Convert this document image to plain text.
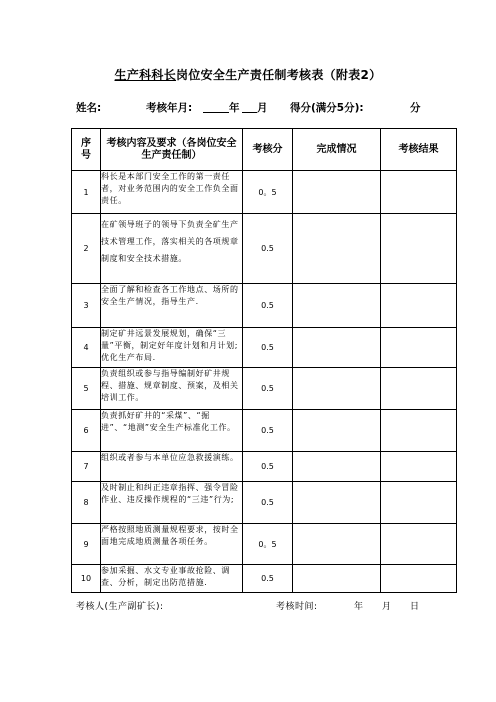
生产科科长岗位安全生产责任制考核表（附表2）
姓名:	考核年月:	年 月 得分(满分5分):	分
序号	考核内容及要求（各岗位安全生产责任制）	考核分	完成情况	考核结果
1	科长是本部门安全工作的第一责任者，对业务范围内的安全工作负全面责任。	0。5		
2	在矿领导班子的领导下负责全矿生产技术管理工作，落实相关的各项规章制度和安全技术措施。	0.5		
3	全面了解和检查各工作地点、场所的安全生产情况，指导生产.	0.5		
4	制定矿井远景发展规划，确保“三量”平衡，制定好年度计划和月计划;优化生产布局.	0.5		
5	负责组织或参与指导编制好矿井规程、措施、规章制度、预案，及相关培训工作。	0.5		
6	负责抓好矿井的“采煤”、“掘进”、“地测”安全生产标准化工作。	0.5		
7	组织或者参与本单位应急救援演练。	0.5		
8	及时制止和纠正违章指挥、强令冒险作业、违反操作规程的“三违”行为;	0.5		
9	严格按照地质测量规程要求，按时全面地完成地质测量各项任务。	0。5		
10	参加采掘、水文专业事故抢险、调查、分析，制定出防范措施.	0.5		
考核人(生产副矿长):	考核时间:	年 月 日
